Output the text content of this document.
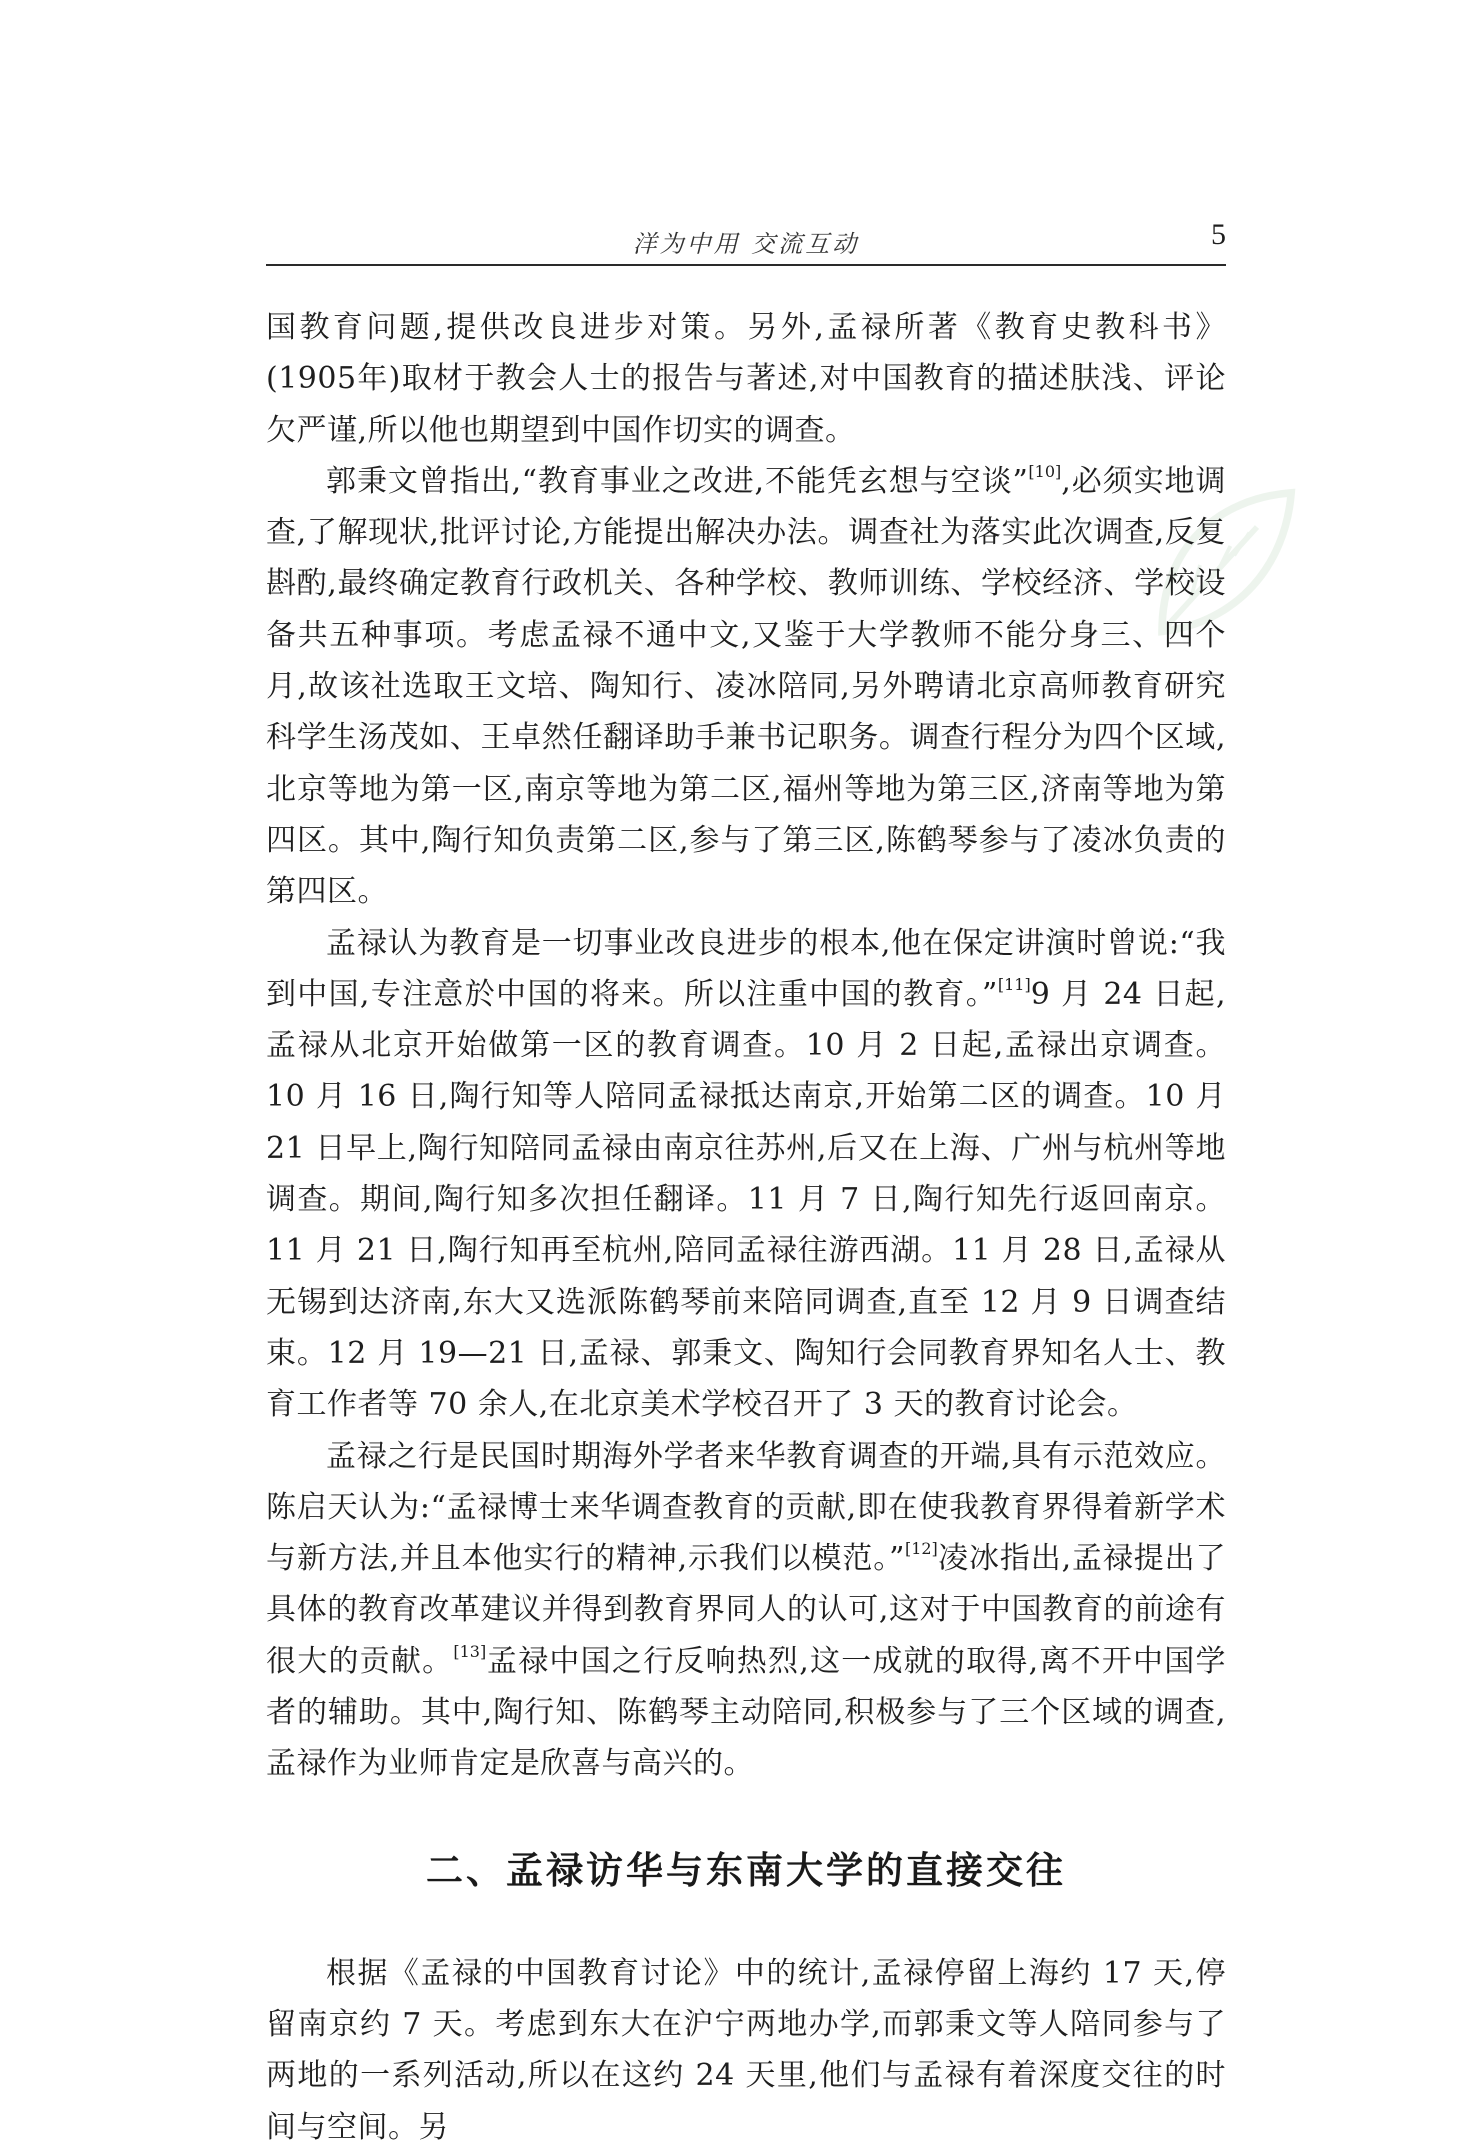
洋为中用 交流互动	5

国教育问题,提供改良进步对策。另外,孟禄所著《教育史教科书》(1905年)取材于教会人士的报告与著述,对中国教育的描述肤浅、评论欠严谨,所以他也期望到中国作切实的调查。

郭秉文曾指出,“教育事业之改进,不能凭玄想与空谈”[10],必须实地调查,了解现状,批评讨论,方能提出解决办法。调查社为落实此次调查,反复斟酌,最终确定教育行政机关、各种学校、教师训练、学校经济、学校设备共五种事项。考虑孟禄不通中文,又鉴于大学教师不能分身三、四个月,故该社选取王文培、陶知行、凌冰陪同,另外聘请北京高师教育研究科学生汤茂如、王卓然任翻译助手兼书记职务。调查行程分为四个区域,北京等地为第一区,南京等地为第二区,福州等地为第三区,济南等地为第四区。其中,陶行知负责第二区,参与了第三区,陈鹤琴参与了凌冰负责的第四区。

孟禄认为教育是一切事业改良进步的根本,他在保定讲演时曾说:“我到中国,专注意於中国的将来。所以注重中国的教育。”[11]9 月 24 日起,孟禄从北京开始做第一区的教育调查。10 月 2 日起,孟禄出京调查。10 月 16 日,陶行知等人陪同孟禄抵达南京,开始第二区的调查。10 月 21 日早上,陶行知陪同孟禄由南京往苏州,后又在上海、广州与杭州等地调查。期间,陶行知多次担任翻译。11 月 7 日,陶行知先行返回南京。11 月 21 日,陶行知再至杭州,陪同孟禄往游西湖。11 月 28 日,孟禄从无锡到达济南,东大又选派陈鹤琴前来陪同调查,直至 12 月 9 日调查结束。12 月 19—21 日,孟禄、郭秉文、陶知行会同教育界知名人士、教育工作者等 70 余人,在北京美术学校召开了 3 天的教育讨论会。

孟禄之行是民国时期海外学者来华教育调查的开端,具有示范效应。陈启天认为:“孟禄博士来华调查教育的贡献,即在使我教育界得着新学术与新方法,并且本他实行的精神,示我们以模范。”[12]凌冰指出,孟禄提出了具体的教育改革建议并得到教育界同人的认可,这对于中国教育的前途有很大的贡献。[13]孟禄中国之行反响热烈,这一成就的取得,离不开中国学者的辅助。其中,陶行知、陈鹤琴主动陪同,积极参与了三个区域的调查,孟禄作为业师肯定是欣喜与高兴的。

二、孟禄访华与东南大学的直接交往

根据《孟禄的中国教育讨论》中的统计,孟禄停留上海约 17 天,停留南京约 7 天。考虑到东大在沪宁两地办学,而郭秉文等人陪同参与了两地的一系列活动,所以在这约 24 天里,他们与孟禄有着深度交往的时间与空间。另
